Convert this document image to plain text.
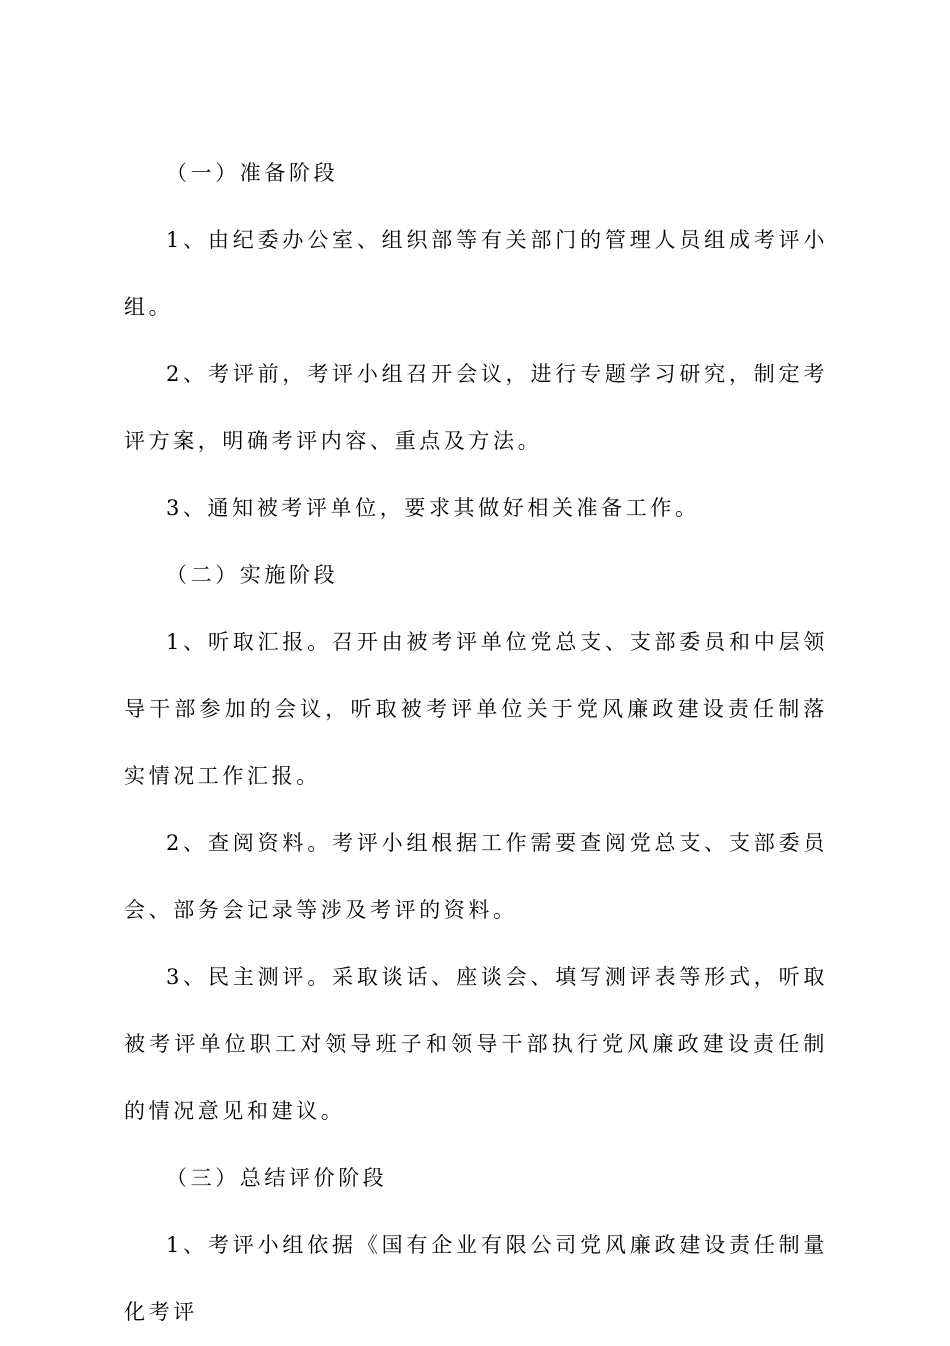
（一）准备阶段

1、由纪委办公室、组织部等有关部门的管理人员组成考评小组。

2、考评前，考评小组召开会议，进行专题学习研究，制定考评方案，明确考评内容、重点及方法。

3、通知被考评单位，要求其做好相关准备工作。

（二）实施阶段

1、听取汇报。召开由被考评单位党总支、支部委员和中层领导干部参加的会议，听取被考评单位关于党风廉政建设责任制落实情况工作汇报。

2、查阅资料。考评小组根据工作需要查阅党总支、支部委员会、部务会记录等涉及考评的资料。

3、民主测评。采取谈话、座谈会、填写测评表等形式，听取被考评单位职工对领导班子和领导干部执行党风廉政建设责任制的情况意见和建议。

（三）总结评价阶段

1、考评小组依据《国有企业有限公司党风廉政建设责任制量化考评
